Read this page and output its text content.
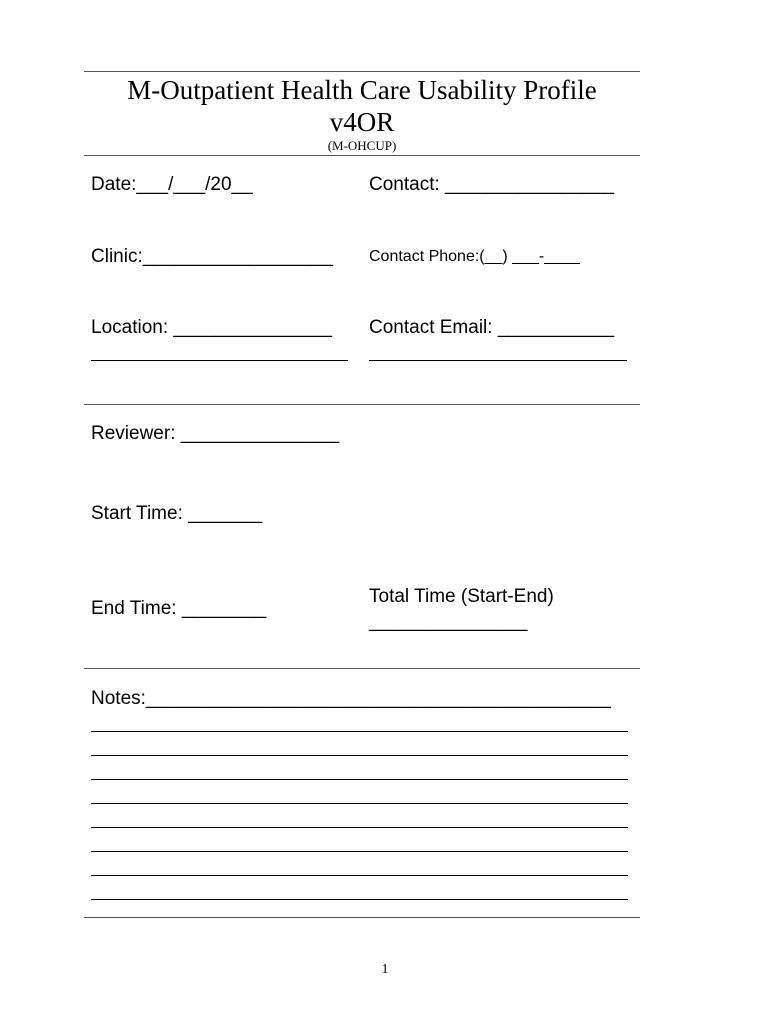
M-Outpatient Health Care Usability Profile
v4OR
(M-OHCUP)
Date:___/___/20__	Contact: ________________
Clinic:__________________ Contact Phone:(__) ___-____
Location: _______________ Contact Email: ___________
Reviewer: _______________
Start Time: _______
End Time: ________
Total Time (Start-End)
_______________
Notes:____________________________________________
1
